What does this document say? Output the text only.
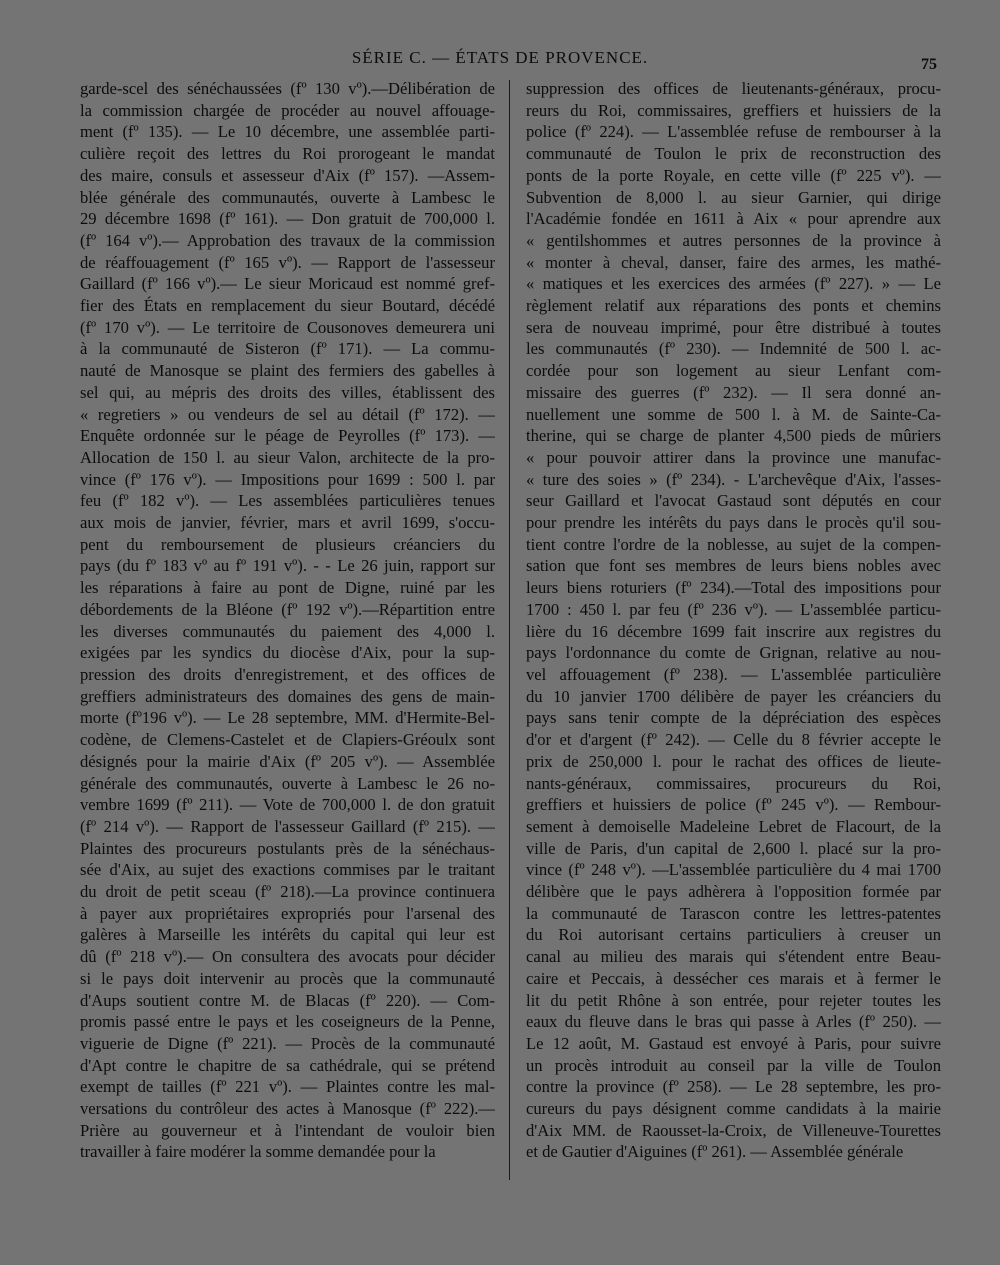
SÉRIE C. — ÉTATS DE PROVENCE.	75
garde-scel des sénéchaussées (fº 130 vº).—Délibération de
la commission chargée de procéder au nouvel affouage-
ment (fº 135). — Le 10 décembre, une assemblée parti-
culière reçoit des lettres du Roi prorogeant le mandat
des maire, consuls et assesseur d'Aix (fº 157). —Assem-
blée générale des communautés, ouverte à Lambesc le
29 décembre 1698 (fº 161). — Don gratuit de 700,000 l.
(fº 164 vº).— Approbation des travaux de la commission
de réaffouagement (fº 165 vº). — Rapport de l'assesseur
Gaillard (fº 166 vº).— Le sieur Moricaud est nommé gref-
fier des États en remplacement du sieur Boutard, décédé
(fº 170 vº). — Le territoire de Cousonoves demeurera uni
à la communauté de Sisteron (fº 171). — La commu-
nauté de Manosque se plaint des fermiers des gabelles à
sel qui, au mépris des droits des villes, établissent des
« regretiers » ou vendeurs de sel au détail (fº 172). —
Enquête ordonnée sur le péage de Peyrolles (fº 173). —
Allocation de 150 l. au sieur Valon, architecte de la pro-
vince (fº 176 vº). — Impositions pour 1699 : 500 l. par
feu (fº 182 vº). — Les assemblées particulières tenues
aux mois de janvier, février, mars et avril 1699, s'occu-
pent du remboursement de plusieurs créanciers du
pays (du fº 183 vº au fº 191 vº). - - Le 26 juin, rapport sur
les réparations à faire au pont de Digne, ruiné par les
débordements de la Bléone (fº 192 vº).—Répartition entre
les diverses communautés du paiement des 4,000 l.
exigées par les syndics du diocèse d'Aix, pour la sup-
pression des droits d'enregistrement, et des offices de
greffiers administrateurs des domaines des gens de main-
morte (fº196 vº). — Le 28 septembre, MM. d'Hermite-Bel-
codène, de Clemens-Castelet et de Clapiers-Gréoulx sont
désignés pour la mairie d'Aix (fº 205 vº). — Assemblée
générale des communautés, ouverte à Lambesc le 26 no-
vembre 1699 (fº 211). — Vote de 700,000 l. de don gratuit
(fº 214 vº). — Rapport de l'assesseur Gaillard (fº 215). —
Plaintes des procureurs postulants près de la sénéchaus-
sée d'Aix, au sujet des exactions commises par le traitant
du droit de petit sceau (fº 218).—La province continuera
à payer aux propriétaires expropriés pour l'arsenal des
galères à Marseille les intérêts du capital qui leur est
dû (fº 218 vº).— On consultera des avocats pour décider
si le pays doit intervenir au procès que la communauté
d'Aups soutient contre M. de Blacas (fº 220). — Com-
promis passé entre le pays et les coseigneurs de la Penne,
viguerie de Digne (fº 221). — Procès de la communauté
d'Apt contre le chapitre de sa cathédrale, qui se prétend
exempt de tailles (fº 221 vº). — Plaintes contre les mal-
versations du contrôleur des actes à Manosque (fº 222).—
Prière au gouverneur et à l'intendant de vouloir bien
travailler à faire modérer la somme demandée pour la
suppression des offices de lieutenants-généraux, procu-
reurs du Roi, commissaires, greffiers et huissiers de la
police (fº 224). — L'assemblée refuse de rembourser à la
communauté de Toulon le prix de reconstruction des
ponts de la porte Royale, en cette ville (fº 225 vº). —
Subvention de 8,000 l. au sieur Garnier, qui dirige
l'Académie fondée en 1611 à Aix « pour aprendre aux
« gentilshommes et autres personnes de la province à
« monter à cheval, danser, faire des armes, les mathé-
« matiques et les exercices des armées (fº 227). » — Le
règlement relatif aux réparations des ponts et chemins
sera de nouveau imprimé, pour être distribué à toutes
les communautés (fº 230). — Indemnité de 500 l. ac-
cordée pour son logement au sieur Lenfant com-
missaire des guerres (fº 232). — Il sera donné an-
nuellement une somme de 500 l. à M. de Sainte-Ca-
therine, qui se charge de planter 4,500 pieds de mûriers
« pour pouvoir attirer dans la province une manufac-
« ture des soies » (fº 234). - L'archevêque d'Aix, l'asses-
seur Gaillard et l'avocat Gastaud sont députés en cour
pour prendre les intérêts du pays dans le procès qu'il sou-
tient contre l'ordre de la noblesse, au sujet de la compen-
sation que font ses membres de leurs biens nobles avec
leurs biens roturiers (fº 234).—Total des impositions pour
1700 : 450 l. par feu (fº 236 vº). — L'assemblée particu-
lière du 16 décembre 1699 fait inscrire aux registres du
pays l'ordonnance du comte de Grignan, relative au nou-
vel affouagement (fº 238). — L'assemblée particulière
du 10 janvier 1700 délibère de payer les créanciers du
pays sans tenir compte de la dépréciation des espèces
d'or et d'argent (fº 242). — Celle du 8 février accepte le
prix de 250,000 l. pour le rachat des offices de lieute-
nants-généraux, commissaires, procureurs du Roi,
greffiers et huissiers de police (fº 245 vº). — Rembour-
sement à demoiselle Madeleine Lebret de Flacourt, de la
ville de Paris, d'un capital de 2,600 l. placé sur la pro-
vince (fº 248 vº). —L'assemblée particulière du 4 mai 1700
délibère que le pays adhèrera à l'opposition formée par
la communauté de Tarascon contre les lettres-patentes
du Roi autorisant certains particuliers à creuser un
canal au milieu des marais qui s'étendent entre Beau-
caire et Peccais, à dessécher ces marais et à fermer le
lit du petit Rhône à son entrée, pour rejeter toutes les
eaux du fleuve dans le bras qui passe à Arles (fº 250). —
Le 12 août, M. Gastaud est envoyé à Paris, pour suivre
un procès introduit au conseil par la ville de Toulon
contre la province (fº 258). — Le 28 septembre, les pro-
cureurs du pays désignent comme candidats à la mairie
d'Aix MM. de Raousset-la-Croix, de Villeneuve-Tourettes
et de Gautier d'Aiguines (fº 261). — Assemblée générale
